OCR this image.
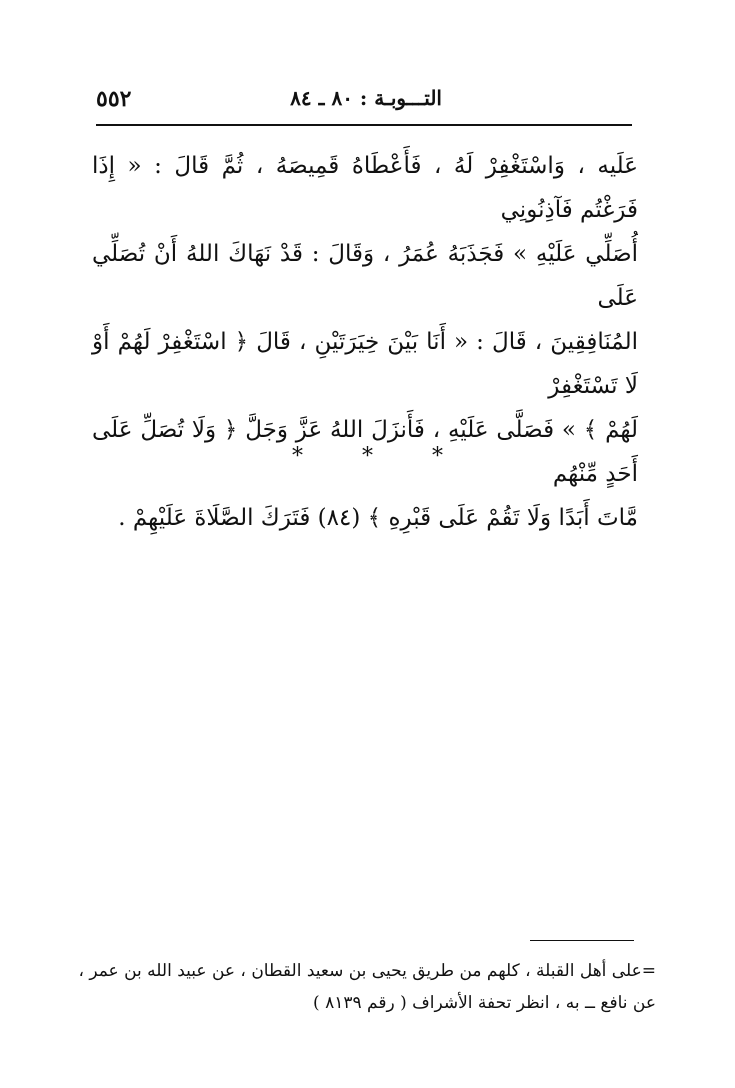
٥٥٢	التـــوبـة : ٨٠ ـ ٨٤

عَلَيه ، وَاسْتَغْفِرْ لَهُ ، فَأَعْطَاهُ قَمِيصَهُ ، ثُمَّ قَالَ : « إِذَا فَرَغْتُم فَآذِنُونِي

أُصَلِّي عَلَيْهِ » فَجَذَبَهُ عُمَرُ ، وَقَالَ : قَدْ نَهَاكَ اللهُ أَنْ تُصَلِّي عَلَى

المُنَافِقِينَ ، قَالَ : « أَنَا بَيْنَ خِيَرَتَيْنِ ، قَالَ ﴿ اسْتَغْفِرْ لَهُمْ أَوْ لَا تَسْتَغْفِرْ

لَهُمْ ﴾ » فَصَلَّى عَلَيْهِ ، فَأَنزَلَ اللهُ عَزَّ وَجَلَّ ﴿ وَلَا تُصَلِّ عَلَى أَحَدٍ مِّنْهُم

مَّاتَ أَبَدًا وَلَا تَقُمْ عَلَى قَبْرِهِ ﴾ (٨٤) فَتَرَكَ الصَّلَاةَ عَلَيْهِمْ .

* * *

=على أهل القبلة ، كلهم من طريق يحيى بن سعيد القطان ، عن عبيد الله بن عمر ،

عن نافع ــ به ، انظر تحفة الأشراف ( رقم ٨١٣٩ )
